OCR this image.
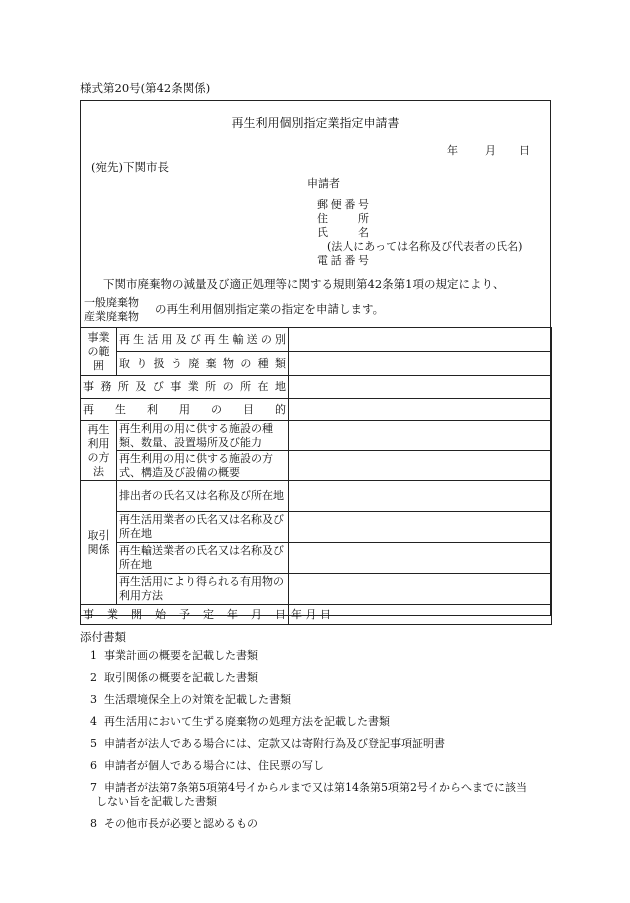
様式第20号(第42条関係)
再生利用個別指定業指定申請書
年 月 日
(宛先)下関市長
申請者
郵便番号
住所
氏名
(法人にあっては名称及び代表者の氏名)
電話番号
下関市廃棄物の減量及び適正処理等に関する規則第42条第1項の規定により、
一般廃棄物
産業廃棄物
の再生利用個別指定業の指定を申請します。
事業の範囲	再生活用及び再生輸送の別	
	取り扱う廃棄物の種類	
事務所及び事業所の所在地		
再生利用の目的		
再生利用の方法	再生利用の用に供する施設の種類、数量、設置場所及び能力	
	再生利用の用に供する施設の方式、構造及び設備の概要	
取引関係	排出者の氏名又は名称及び所在地	
	再生活用業者の氏名又は名称及び所在地	
	再生輸送業者の氏名又は名称及び所在地	
	再生活用により得られる有用物の利用方法	
事業開始予定年月日		年 月 日
添付書類
1 事業計画の概要を記載した書類
2 取引関係の概要を記載した書類
3 生活環境保全上の対策を記載した書類
4 再生活用において生ずる廃棄物の処理方法を記載した書類
5 申請者が法人である場合には、定款又は寄附行為及び登記事項証明書
6 申請者が個人である場合には、住民票の写し
7 申請者が法第7条第5項第4号イからルまで又は第14条第5項第2号イからへまでに該当
しない旨を記載した書類
8 その他市長が必要と認めるもの
